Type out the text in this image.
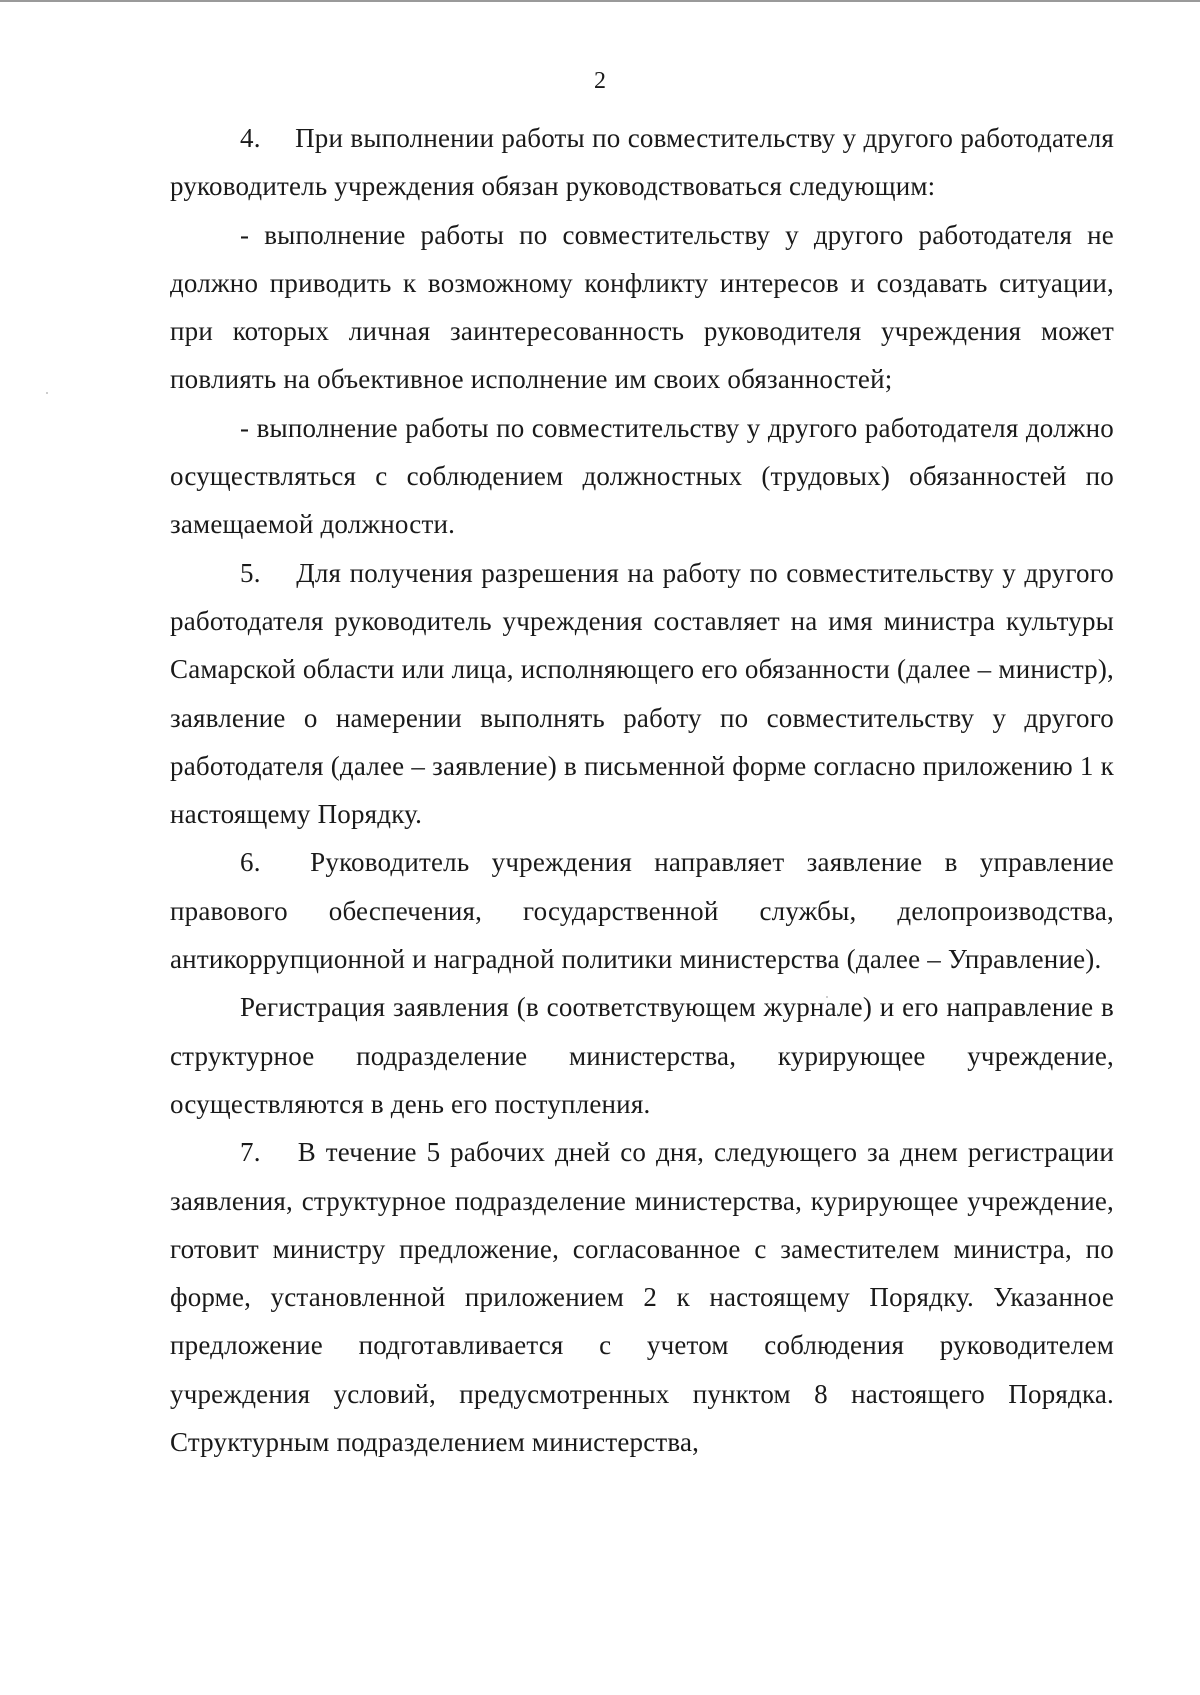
2

4.  При выполнении работы по совместительству у другого работодателя руководитель учреждения обязан руководствоваться следующим:

- выполнение работы по совместительству у другого работодателя не должно приводить к возможному конфликту интересов и создавать ситуации, при которых личная заинтересованность руководителя учреждения может повлиять на объективное исполнение им своих обязанностей;

- выполнение работы по совместительству у другого работодателя должно осуществляться с соблюдением должностных (трудовых) обязанностей по замещаемой должности.

5.  Для получения разрешения на работу по совместительству у другого работодателя руководитель учреждения составляет на имя министра культуры Самарской области или лица, исполняющего его обязанности (далее – министр), заявление о намерении выполнять работу по совместительству у другого работодателя (далее – заявление) в письменной форме согласно приложению 1 к настоящему Порядку.

6.  Руководитель учреждения направляет заявление в управление правового обеспечения, государственной службы, делопроизводства, антикоррупционной и наградной политики министерства (далее – Управление).

Регистрация заявления (в соответствующем журнале) и его направление в структурное подразделение министерства, курирующее учреждение, осуществляются в день его поступления.

7.  В течение 5 рабочих дней со дня, следующего за днем регистрации заявления, структурное подразделение министерства, курирующее учреждение, готовит министру предложение, согласованное с заместителем министра, по форме, установленной приложением 2 к настоящему Порядку. Указанное предложение подготавливается с учетом соблюдения руководителем учреждения условий, предусмотренных пунктом 8 настоящего Порядка. Структурным подразделением министерства,
